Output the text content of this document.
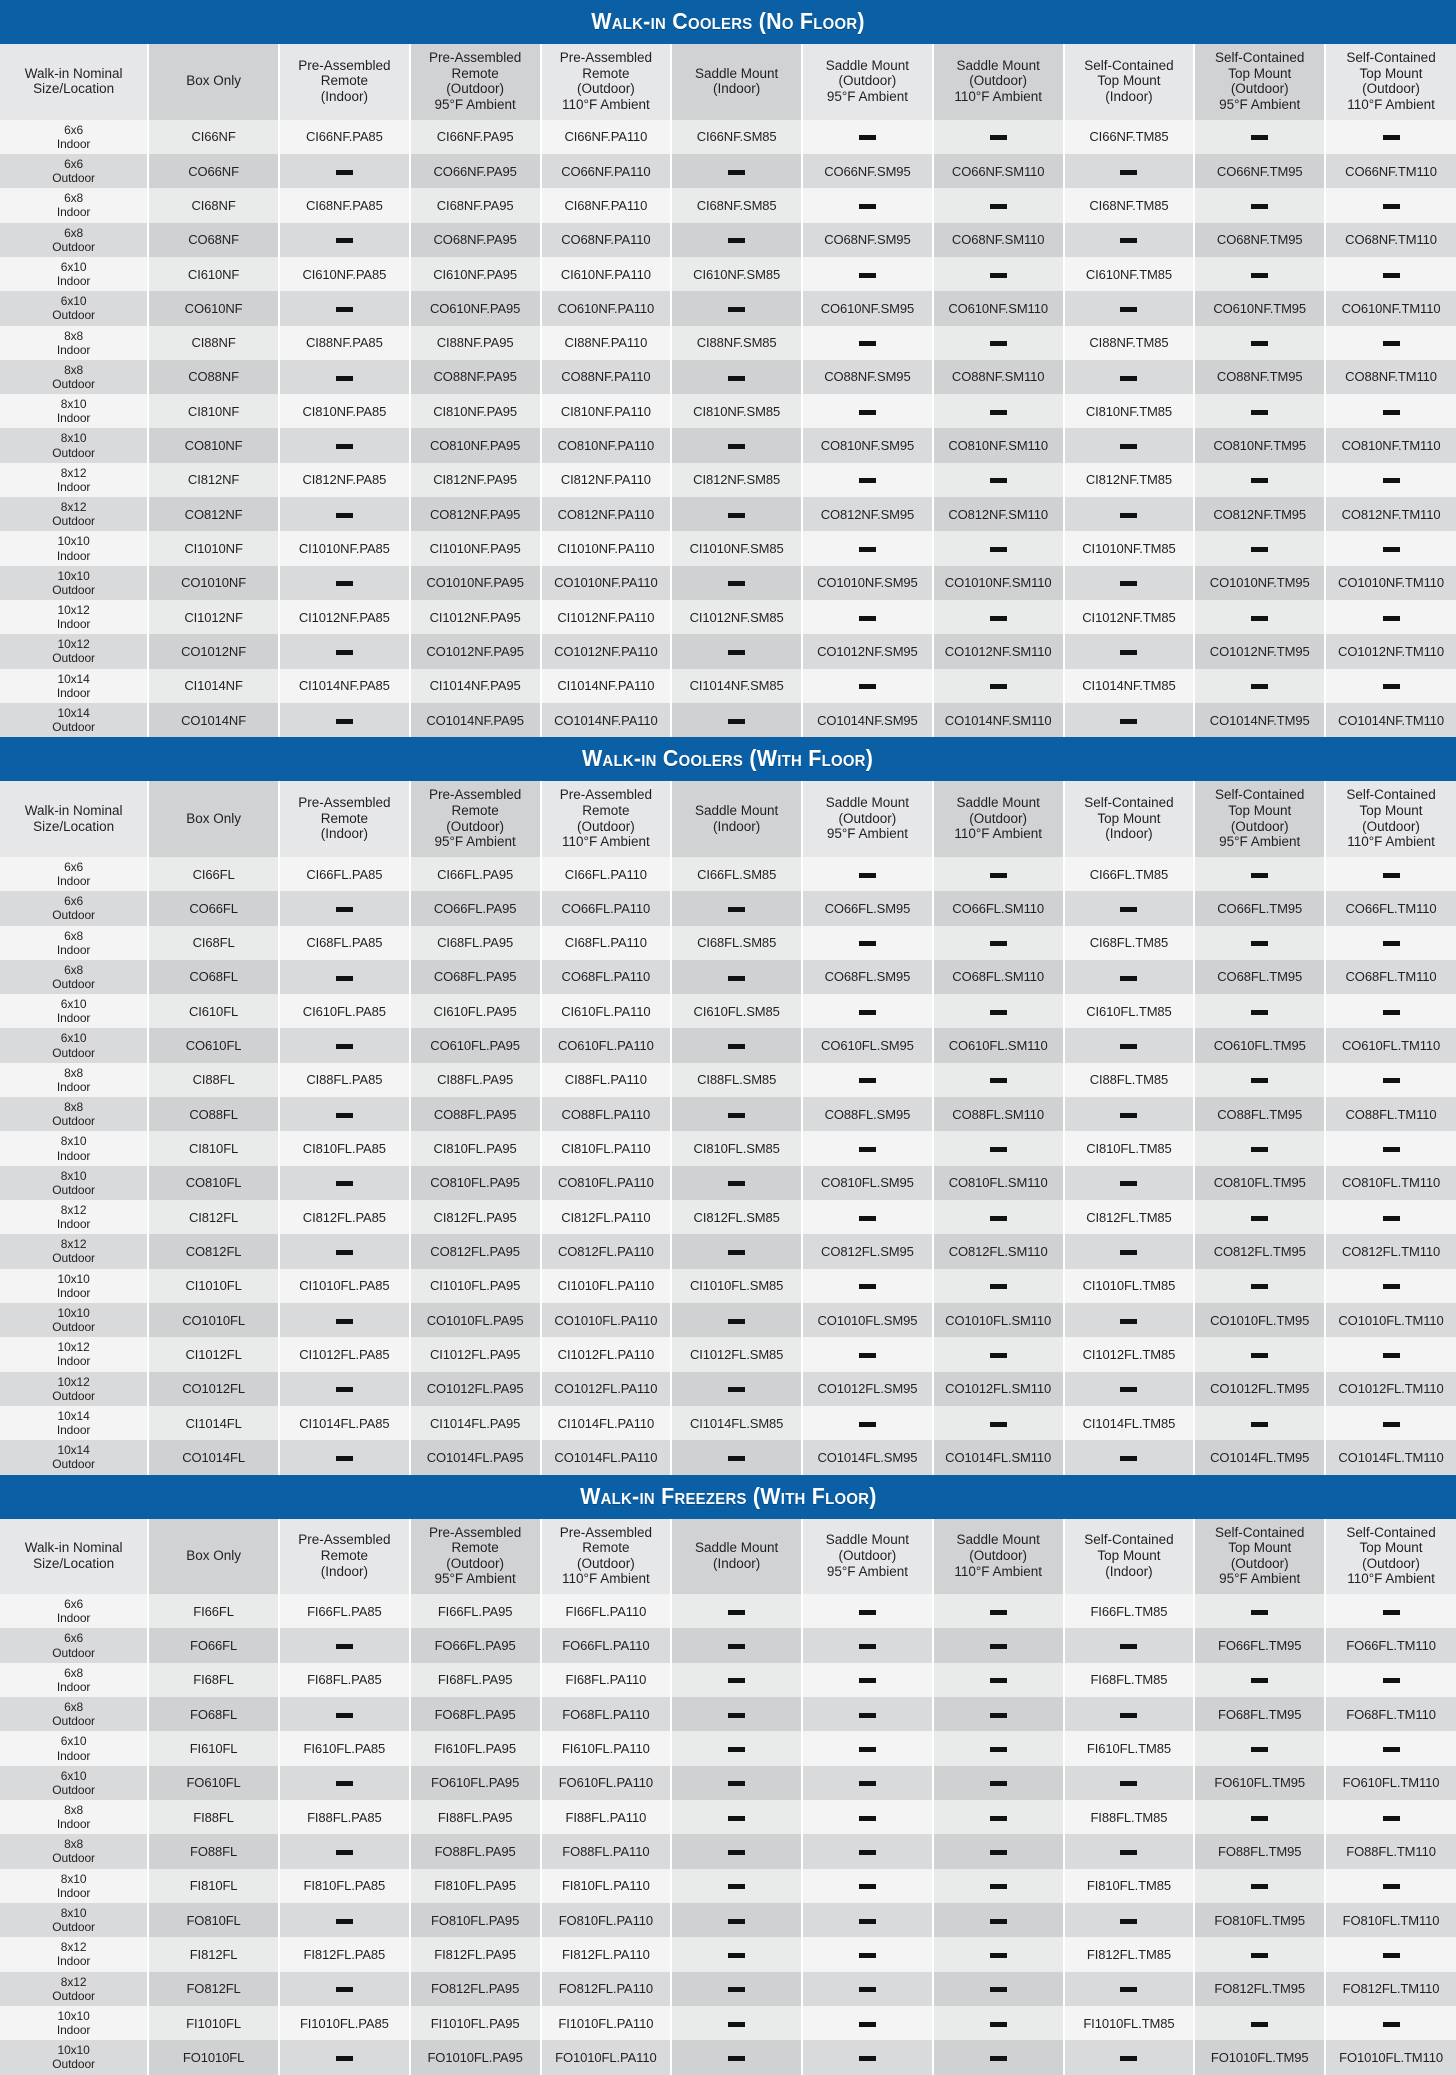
Walk-in Coolers (No Floor)
Walk-in Nominal
Size/Location	Box Only	Pre-Assembled
Remote
(Indoor)	Pre-Assembled
Remote
(Outdoor)
95°F Ambient	Pre-Assembled
Remote
(Outdoor)
110°F Ambient	Saddle Mount
(Indoor)	Saddle Mount
(Outdoor)
95°F Ambient	Saddle Mount
(Outdoor)
110°F Ambient	Self-Contained
Top Mount
(Indoor)	Self-Contained
Top Mount
(Outdoor)
95°F Ambient	Self-Contained
Top Mount
(Outdoor)
110°F Ambient

6x6
Indoor	CI66NF	CI66NF.PA85	CI66NF.PA95	CI66NF.PA110	CI66NF.SM85			CI66NF.TM85		

6x6
Outdoor	CO66NF		CO66NF.PA95	CO66NF.PA110		CO66NF.SM95	CO66NF.SM110		CO66NF.TM95	CO66NF.TM110

6x8
Indoor	CI68NF	CI68NF.PA85	CI68NF.PA95	CI68NF.PA110	CI68NF.SM85			CI68NF.TM85		

6x8
Outdoor	CO68NF		CO68NF.PA95	CO68NF.PA110		CO68NF.SM95	CO68NF.SM110		CO68NF.TM95	CO68NF.TM110

6x10
Indoor	CI610NF	CI610NF.PA85	CI610NF.PA95	CI610NF.PA110	CI610NF.SM85			CI610NF.TM85		

6x10
Outdoor	CO610NF		CO610NF.PA95	CO610NF.PA110		CO610NF.SM95	CO610NF.SM110		CO610NF.TM95	CO610NF.TM110

8x8
Indoor	CI88NF	CI88NF.PA85	CI88NF.PA95	CI88NF.PA110	CI88NF.SM85			CI88NF.TM85		

8x8
Outdoor	CO88NF		CO88NF.PA95	CO88NF.PA110		CO88NF.SM95	CO88NF.SM110		CO88NF.TM95	CO88NF.TM110

8x10
Indoor	CI810NF	CI810NF.PA85	CI810NF.PA95	CI810NF.PA110	CI810NF.SM85			CI810NF.TM85		

8x10
Outdoor	CO810NF		CO810NF.PA95	CO810NF.PA110		CO810NF.SM95	CO810NF.SM110		CO810NF.TM95	CO810NF.TM110

8x12
Indoor	CI812NF	CI812NF.PA85	CI812NF.PA95	CI812NF.PA110	CI812NF.SM85			CI812NF.TM85		

8x12
Outdoor	CO812NF		CO812NF.PA95	CO812NF.PA110		CO812NF.SM95	CO812NF.SM110		CO812NF.TM95	CO812NF.TM110

10x10
Indoor	CI1010NF	CI1010NF.PA85	CI1010NF.PA95	CI1010NF.PA110	CI1010NF.SM85			CI1010NF.TM85		

10x10
Outdoor	CO1010NF		CO1010NF.PA95	CO1010NF.PA110		CO1010NF.SM95	CO1010NF.SM110		CO1010NF.TM95	CO1010NF.TM110

10x12
Indoor	CI1012NF	CI1012NF.PA85	CI1012NF.PA95	CI1012NF.PA110	CI1012NF.SM85			CI1012NF.TM85		

10x12
Outdoor	CO1012NF		CO1012NF.PA95	CO1012NF.PA110		CO1012NF.SM95	CO1012NF.SM110		CO1012NF.TM95	CO1012NF.TM110

10x14
Indoor	CI1014NF	CI1014NF.PA85	CI1014NF.PA95	CI1014NF.PA110	CI1014NF.SM85			CI1014NF.TM85		

10x14
Outdoor	CO1014NF		CO1014NF.PA95	CO1014NF.PA110		CO1014NF.SM95	CO1014NF.SM110		CO1014NF.TM95	CO1014NF.TM110
Walk-in Coolers (With Floor)
Walk-in Nominal
Size/Location	Box Only	Pre-Assembled
Remote
(Indoor)	Pre-Assembled
Remote
(Outdoor)
95°F Ambient	Pre-Assembled
Remote
(Outdoor)
110°F Ambient	Saddle Mount
(Indoor)	Saddle Mount
(Outdoor)
95°F Ambient	Saddle Mount
(Outdoor)
110°F Ambient	Self-Contained
Top Mount
(Indoor)	Self-Contained
Top Mount
(Outdoor)
95°F Ambient	Self-Contained
Top Mount
(Outdoor)
110°F Ambient

6x6
Indoor	CI66FL	CI66FL.PA85	CI66FL.PA95	CI66FL.PA110	CI66FL.SM85			CI66FL.TM85		

6x6
Outdoor	CO66FL		CO66FL.PA95	CO66FL.PA110		CO66FL.SM95	CO66FL.SM110		CO66FL.TM95	CO66FL.TM110

6x8
Indoor	CI68FL	CI68FL.PA85	CI68FL.PA95	CI68FL.PA110	CI68FL.SM85			CI68FL.TM85		

6x8
Outdoor	CO68FL		CO68FL.PA95	CO68FL.PA110		CO68FL.SM95	CO68FL.SM110		CO68FL.TM95	CO68FL.TM110

6x10
Indoor	CI610FL	CI610FL.PA85	CI610FL.PA95	CI610FL.PA110	CI610FL.SM85			CI610FL.TM85		

6x10
Outdoor	CO610FL		CO610FL.PA95	CO610FL.PA110		CO610FL.SM95	CO610FL.SM110		CO610FL.TM95	CO610FL.TM110

8x8
Indoor	CI88FL	CI88FL.PA85	CI88FL.PA95	CI88FL.PA110	CI88FL.SM85			CI88FL.TM85		

8x8
Outdoor	CO88FL		CO88FL.PA95	CO88FL.PA110		CO88FL.SM95	CO88FL.SM110		CO88FL.TM95	CO88FL.TM110

8x10
Indoor	CI810FL	CI810FL.PA85	CI810FL.PA95	CI810FL.PA110	CI810FL.SM85			CI810FL.TM85		

8x10
Outdoor	CO810FL		CO810FL.PA95	CO810FL.PA110		CO810FL.SM95	CO810FL.SM110		CO810FL.TM95	CO810FL.TM110

8x12
Indoor	CI812FL	CI812FL.PA85	CI812FL.PA95	CI812FL.PA110	CI812FL.SM85			CI812FL.TM85		

8x12
Outdoor	CO812FL		CO812FL.PA95	CO812FL.PA110		CO812FL.SM95	CO812FL.SM110		CO812FL.TM95	CO812FL.TM110

10x10
Indoor	CI1010FL	CI1010FL.PA85	CI1010FL.PA95	CI1010FL.PA110	CI1010FL.SM85			CI1010FL.TM85		

10x10
Outdoor	CO1010FL		CO1010FL.PA95	CO1010FL.PA110		CO1010FL.SM95	CO1010FL.SM110		CO1010FL.TM95	CO1010FL.TM110

10x12
Indoor	CI1012FL	CI1012FL.PA85	CI1012FL.PA95	CI1012FL.PA110	CI1012FL.SM85			CI1012FL.TM85		

10x12
Outdoor	CO1012FL		CO1012FL.PA95	CO1012FL.PA110		CO1012FL.SM95	CO1012FL.SM110		CO1012FL.TM95	CO1012FL.TM110

10x14
Indoor	CI1014FL	CI1014FL.PA85	CI1014FL.PA95	CI1014FL.PA110	CI1014FL.SM85			CI1014FL.TM85		

10x14
Outdoor	CO1014FL		CO1014FL.PA95	CO1014FL.PA110		CO1014FL.SM95	CO1014FL.SM110		CO1014FL.TM95	CO1014FL.TM110
Walk-in Freezers (With Floor)
Walk-in Nominal
Size/Location	Box Only	Pre-Assembled
Remote
(Indoor)	Pre-Assembled
Remote
(Outdoor)
95°F Ambient	Pre-Assembled
Remote
(Outdoor)
110°F Ambient	Saddle Mount
(Indoor)	Saddle Mount
(Outdoor)
95°F Ambient	Saddle Mount
(Outdoor)
110°F Ambient	Self-Contained
Top Mount
(Indoor)	Self-Contained
Top Mount
(Outdoor)
95°F Ambient	Self-Contained
Top Mount
(Outdoor)
110°F Ambient

6x6
Indoor	FI66FL	FI66FL.PA85	FI66FL.PA95	FI66FL.PA110				FI66FL.TM85		

6x6
Outdoor	FO66FL		FO66FL.PA95	FO66FL.PA110					FO66FL.TM95	FO66FL.TM110

6x8
Indoor	FI68FL	FI68FL.PA85	FI68FL.PA95	FI68FL.PA110				FI68FL.TM85		

6x8
Outdoor	FO68FL		FO68FL.PA95	FO68FL.PA110					FO68FL.TM95	FO68FL.TM110

6x10
Indoor	FI610FL	FI610FL.PA85	FI610FL.PA95	FI610FL.PA110				FI610FL.TM85		

6x10
Outdoor	FO610FL		FO610FL.PA95	FO610FL.PA110					FO610FL.TM95	FO610FL.TM110

8x8
Indoor	FI88FL	FI88FL.PA85	FI88FL.PA95	FI88FL.PA110				FI88FL.TM85		

8x8
Outdoor	FO88FL		FO88FL.PA95	FO88FL.PA110					FO88FL.TM95	FO88FL.TM110

8x10
Indoor	FI810FL	FI810FL.PA85	FI810FL.PA95	FI810FL.PA110				FI810FL.TM85		

8x10
Outdoor	FO810FL		FO810FL.PA95	FO810FL.PA110					FO810FL.TM95	FO810FL.TM110

8x12
Indoor	FI812FL	FI812FL.PA85	FI812FL.PA95	FI812FL.PA110				FI812FL.TM85		

8x12
Outdoor	FO812FL		FO812FL.PA95	FO812FL.PA110					FO812FL.TM95	FO812FL.TM110

10x10
Indoor	FI1010FL	FI1010FL.PA85	FI1010FL.PA95	FI1010FL.PA110				FI1010FL.TM85		

10x10
Outdoor	FO1010FL		FO1010FL.PA95	FO1010FL.PA110					FO1010FL.TM95	FO1010FL.TM110
